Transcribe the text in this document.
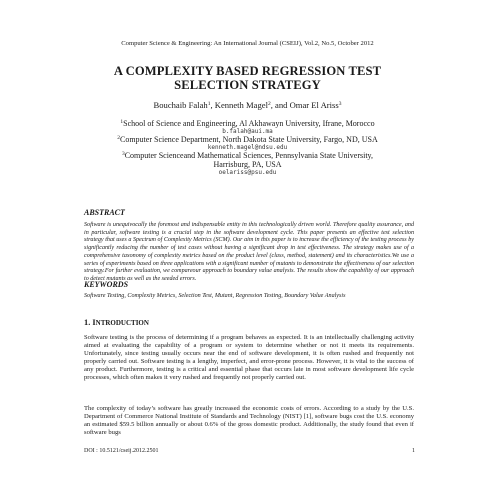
Computer Science & Engineering: An International Journal (CSEIJ), Vol.2, No.5, October 2012
A COMPLEXITY BASED REGRESSION TEST
SELECTION STRATEGY
Bouchaib Falah$^1$, Kenneth Magel$^2$, and Omar El Ariss$^3$
$^1$School of Science and Engineering, Al Akhawayn University, Ifrane, Morocco
b.falah@aui.ma
$^2$Computer Science Department, North Dakota State University, Fargo, ND, USA
kenneth.magel@ndsu.edu
$^3$Computer Scienceand Mathematical Sciences, Pennsylvania State University,
Harrisburg, PA, USA
oelariss@psu.edu
ABSTRACT
Software is unequivocally the foremost and indispensable entity in this technologically driven world. Therefore quality assurance, and in particular, software testing is a crucial step in the software development cycle. This paper presents an effective test selection strategy that uses a Spectrum of Complexity Metrics (SCM). Our aim in this paper is to increase the efficiency of the testing process by significantly reducing the number of test cases without having a significant drop in test effectiveness. The strategy makes use of a comprehensive taxonomy of complexity metrics based on the product level (class, method, statement) and its characteristics.We use a series of experiments based on three applications with a significant number of mutants to demonstrate the effectiveness of our selection strategy.For further evaluation, we compareour approach to boundary value analysis. The results show the capability of our approach to detect mutants as well as the seeded errors.
KEYWORDS
Software Testing, Complexity Metrics, Selection Test, Mutant, Regression Testing, Boundary Value Analysis
1. INTRODUCTION
Software testing is the process of determining if a program behaves as expected. It is an intellectually challenging activity aimed at evaluating the capability of a program or system to determine whether or not it meets its requirements. Unfortunately, since testing usually occurs near the end of software development, it is often rushed and frequently not properly carried out. Software testing is a lengthy, imperfect, and error-prone process. However, it is vital to the success of any product. Furthermore, testing is a critical and essential phase that occurs late in most software development life cycle processes, which often makes it very rushed and frequently not properly carried out.
The complexity of today’s software has greatly increased the economic costs of errors. According to a study by the U.S. Department of Commerce National Institute of Standards and Technology (NIST) [1], software bugs cost the U.S. economy an estimated $59.5 billion annually or about 0.6% of the gross domestic product. Additionally, the study found that even if software bugs
DOI : 10.5121/cseij.2012.2501	1
